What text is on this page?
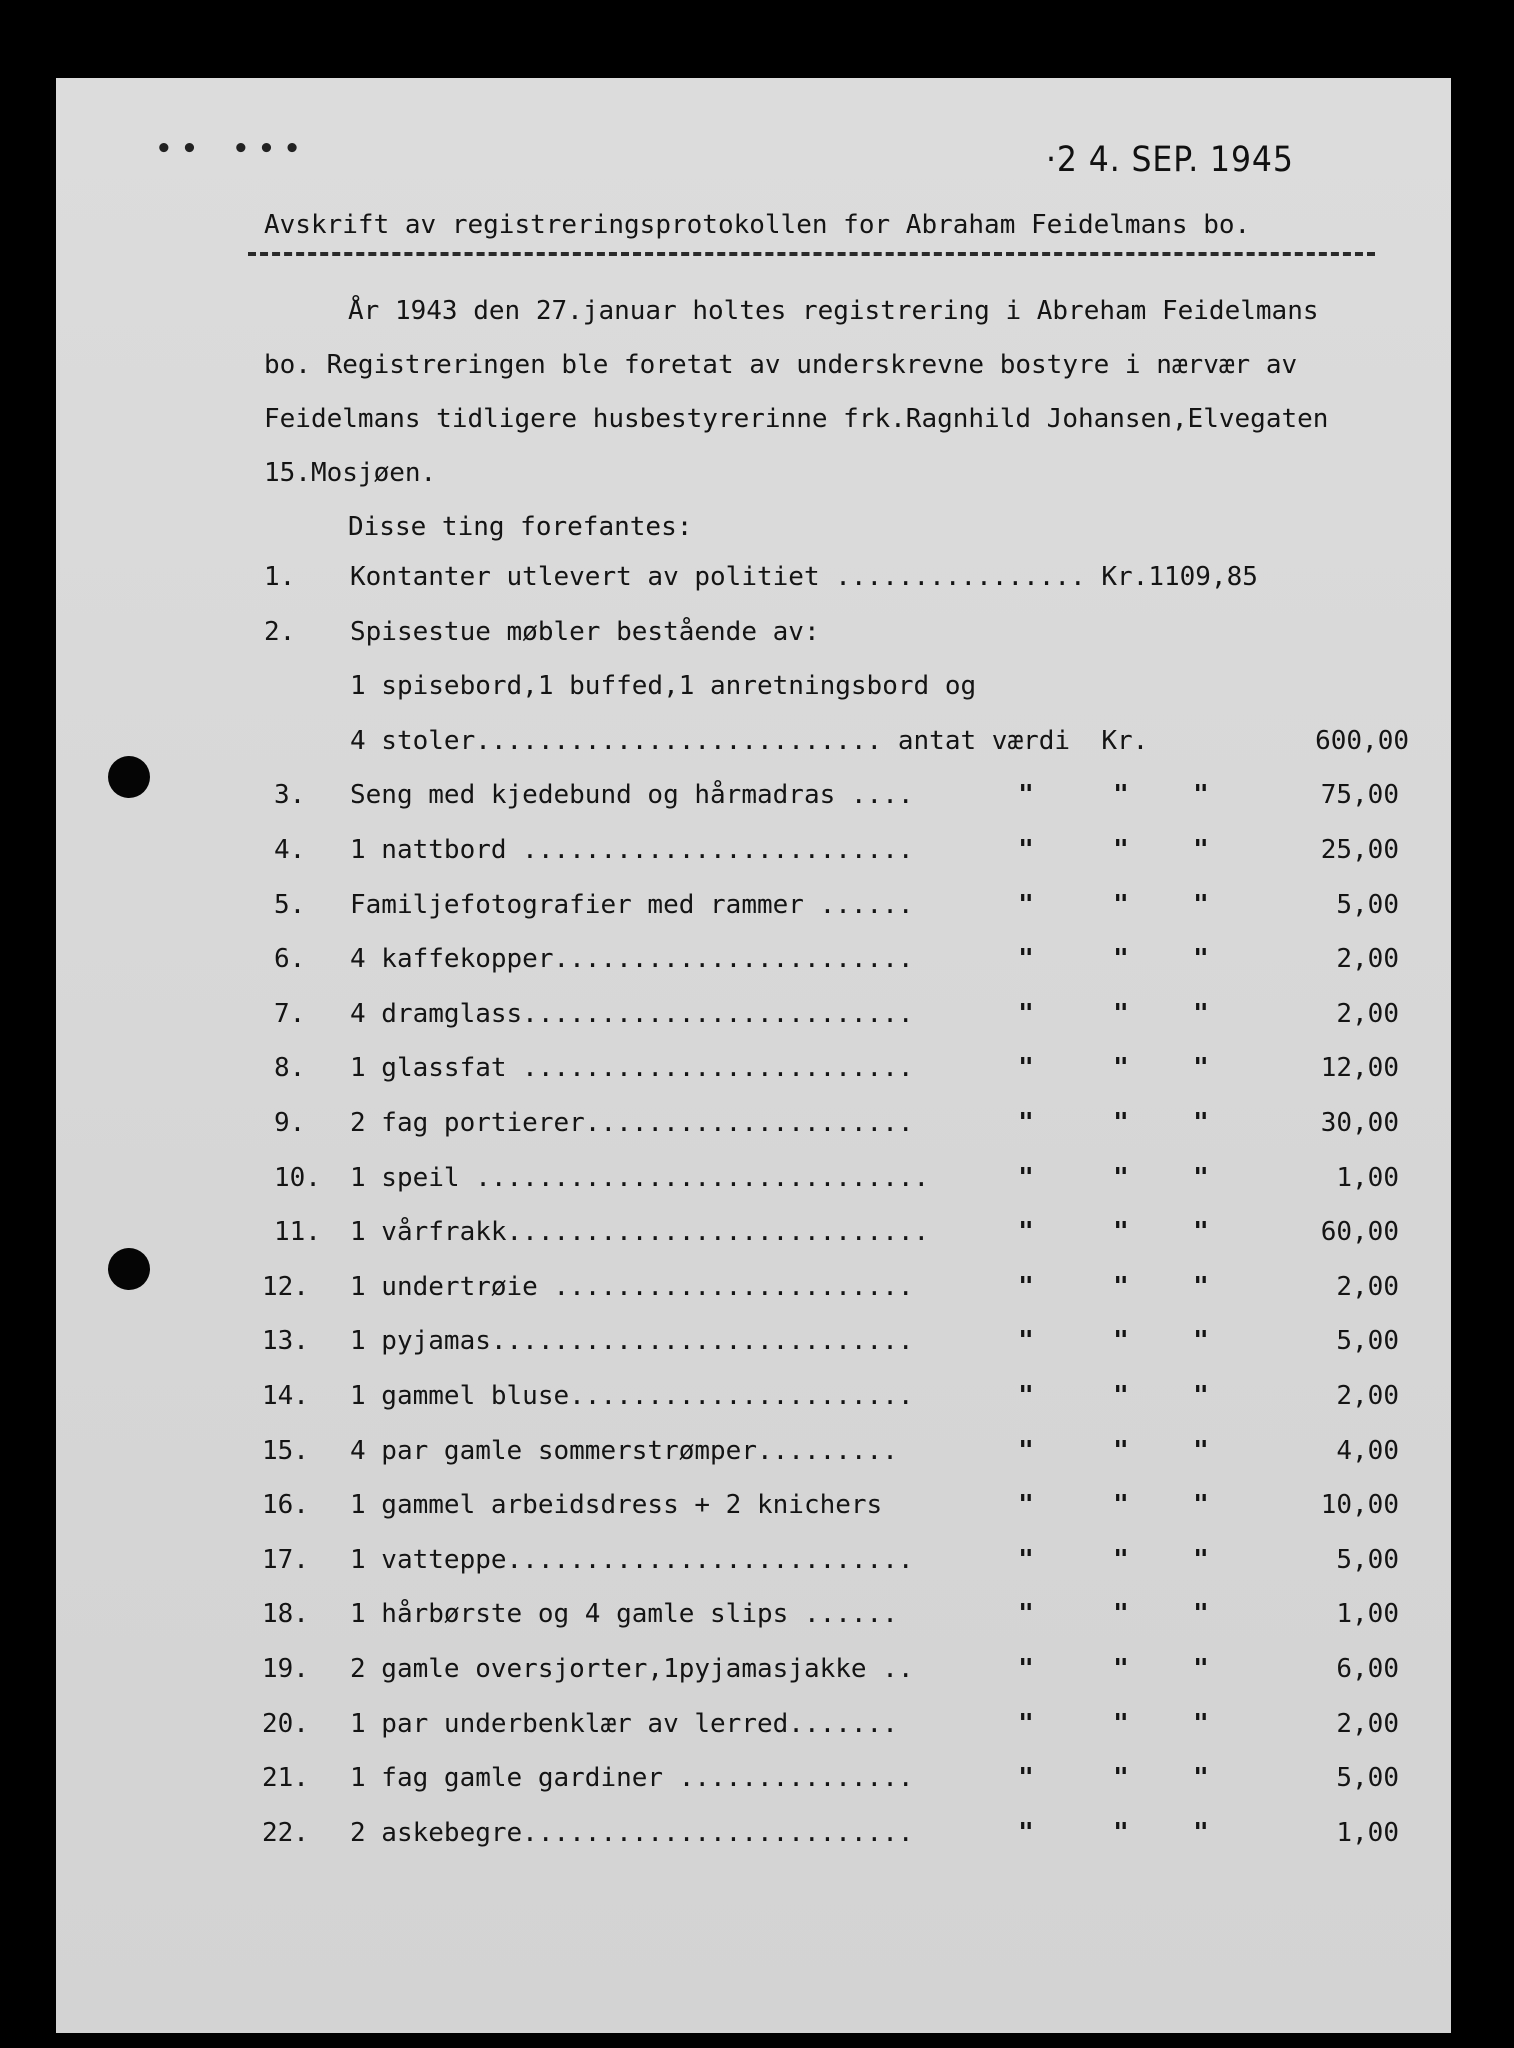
•• •••	·2 4. SEP. 1945
Avskrift av registreringsprotokollen for Abraham Feidelmans bo.
År 1943 den 27.januar holtes registrering i Abreham Feidelmans
bo. Registreringen ble foretat av underskrevne bostyre i nærvær av
Feidelmans tidligere husbestyrerinne frk.Ragnhild Johansen,Elvegaten
15.Mosjøen.
Disse ting forefantes:
1. Kontanter utlevert av politiet ................ Kr.1109,85
2. Spisestue møbler bestående av:
1 spisebord,1 buffed,1 anretningsbord og
4 stoler.......................... antat værdi  Kr.	600,00
3. Seng med kjedebund og hårmadras ....	"	" "	75,00
4. 1 nattbord .........................	"	" "	25,00
5. Familjefotografier med rammer ......	"	" "	5,00
6. 4 kaffekopper.......................	"	" "	2,00
7. 4 dramglass.........................	"	" "	2,00
8. 1 glassfat .........................	"	" "	12,00
9. 2 fag portierer.....................	"	" "	30,00
10. 1 speil .............................	"	" "	1,00
11. 1 vårfrakk...........................	"	" "	60,00
12. 1 undertrøie .......................	"	" "	2,00
13. 1 pyjamas...........................	"	" "	5,00
14. 1 gammel bluse......................	"	" "	2,00
15. 4 par gamle sommerstrømper.........	"	" "	4,00
16. 1 gammel arbeidsdress + 2 knichers	"	" "	10,00
17. 1 vatteppe..........................	"	" "	5,00
18. 1 hårbørste og 4 gamle slips ......	"	" "	1,00
19. 2 gamle oversjorter,1pyjamasjakke ..	"	" "	6,00
20. 1 par underbenklær av lerred.......	"	" "	2,00
21. 1 fag gamle gardiner ...............	"	" "	5,00
22. 2 askebegre.........................	"	" "	1,00
